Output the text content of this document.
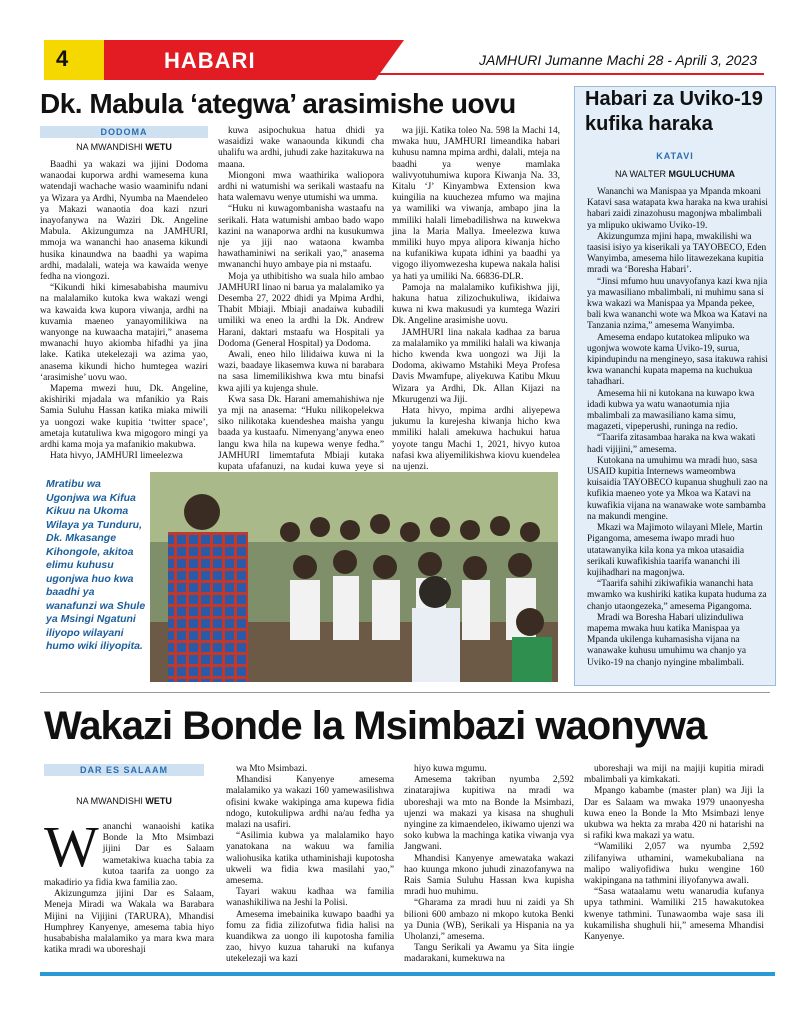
4	HABARI	JAMHURI Jumanne Machi 28 - Aprili 3, 2023
Dk. Mabula ‘ategwa’ arasimishe uovu
DODOMA
NA MWANDISHI WETU

Baadhi ya wakazi wa jijini Dodoma wanaodai kuporwa ardhi wamesema kuna watendaji wachache wasio waaminifu ndani ya Wizara ya Ardhi, Nyumba na Maendeleo ya Makazi wanaotia doa kazi nzuri inayofanywa na Waziri Dk. Angeline Mabula. Akizungumza na JAMHURI, mmoja wa wananchi hao anasema kikundi husika kinaundwa na baadhi ya wapima ardhi, madalali, wateja wa kawaida wenye fedha na viongozi.

“Kikundi hiki kimesababisha maumivu na malalamiko kutoka kwa wakazi wengi wa kawaida kwa kupora viwanja, ardhi na kuvamia maeneo yanayomilikiwa na wanyonge na kuwaacha matajiri,” anasema mwanachi huyo akiomba hifadhi ya jina lake. Katika utekelezaji wa azima yao, anasema kikundi hicho humtegea waziri ‘arasimishe’ uovu wao.

Mapema mwezi huu, Dk. Angeline, akishiriki mjadala wa mfanikio ya Rais Samia Suluhu Hassan katika miaka miwili ya uongozi wake kupitia ‘twitter space’, ametaja kutatuliwa kwa migogoro mingi ya ardhi kama moja ya mafanikio makubwa.

Hata hivyo, JAMHURI limeelezwa

kuwa asipochukua hatua dhidi ya wasaidizi wake wanaounda kikundi cha uhalifu wa ardhi, juhudi zake hazitakuwa na maana.

Miongoni mwa waathirika waliopora ardhi ni watumishi wa serikali wastaafu na hata walemavu wenye utumishi wa umma.

“Huku ni kuwagombanisha wastaafu na serikali. Hata watumishi ambao bado wapo kazini na wanaporwa ardhi na kusukumwa nje ya jiji nao wataona kwamba hawathaminiwi na serikali yao,” anasema mwananchi huyo ambaye pia ni mstaafu.

Moja ya uthibitisho wa suala hilo ambao JAMHURI linao ni barua ya malalamiko ya Desemba 27, 2022 dhidi ya Mpima Ardhi, Thabit Mbiaji. Mbiaji anadaiwa kubadili umiliki wa eneo la ardhi la Dk. Andrew Harani, daktari mstaafu wa Hospitali ya Dodoma (General Hospital) ya Dodoma.

Awali, eneo hilo lilidaiwa kuwa ni la wazi, baadaye likasemwa kuwa ni barabara na sasa limemilikishwa kwa mtu binafsi kwa ajili ya kujenga shule.

Kwa sasa Dk. Harani amemahishiwa nje ya mji na anasema: “Huku nilikopelekwa siko nilikotaka kuendeshea maisha yangu baada ya kustaafu. Nimenyang’anywa eneo langu kwa hila na kupewa wenye fedha.” JAMHURI limemtafuta Mbiaji kutaka kupata ufafanuzi, na kudai kuwa yeye si

wa jiji. Katika toleo Na. 598 la Machi 14, mwaka huu, JAMHURI limeandika habari kuhusu namna mpima ardhi, dalali, mteja na baadhi ya wenye mamlaka walivyotuhumiwa kupora Kiwanja Na. 33, Kitalu ‘J’ Kinyambwa Extension kwa kuingilia na kuuchezea mfumo wa majina ya wamiliki wa viwanja, ambapo jina la mmiliki halali limebadilishwa na kuwekwa jina la Maria Mallya. Imeelezwa kuwa mmiliki huyo mpya alipora kiwanja hicho na kufanikiwa kupata idhini ya baadhi ya vigogo iliyomwezesha kupewa nakala halisi ya hati ya umiliki Na. 66836-DLR.

Pamoja na malalamiko kufikishwa jiji, hakuna hatua zilizochukuliwa, ikidaiwa kuwa ni kwa makusudi ya kumtega Waziri Dk. Angeline arasimishe uovu.

JAMHURI lina nakala kadhaa za barua za malalamiko ya mmiliki halali wa kiwanja hicho kwenda kwa uongozi wa Jiji la Dodoma, akiwamo Mstahiki Meya Profesa Davis Mwamfupe, aliyekuwa Katibu Mkuu Wizara ya Ardhi, Dk. Allan Kijazi na Mkurugenzi wa Jiji.

Hata hivyo, mpima ardhi aliyepewa jukumu la kurejesha kiwanja hicho kwa mmiliki halali amekuwa hachukui hatua yoyote tangu Machi 1, 2021, hivyo kutoa nafasi kwa aliyemilikishwa kiovu kuendelea na ujenzi.

Mratibu wa Ugonjwa wa Kifua Kikuu na Ukoma Wilaya ya Tunduru, Dk. Mkasange Kihongole, akitoa elimu kuhusu ugonjwa huo kwa baadhi ya wanafunzi wa Shule ya Msingi Ngatuni iliyopo wilayani humo wiki iliyopita.
Habari za Uviko-19 kufika haraka
KATAVI
NA WALTER MGULUCHUMA

Wananchi wa Manispaa ya Mpanda mkoani Katavi sasa watapata kwa haraka na kwa urahisi habari zaidi zinazohusu magonjwa mbalimbali ya mlipuko ukiwamo Uviko-19.

Akizungumza mjini hapa, mwakilishi wa taasisi isiyo ya kiserikali ya TAYOBECO, Eden Wanyimba, amesema hilo litawezekana kupitia mradi wa ‘Boresha Habari’.

“Jinsi mfumo huu unavyofanya kazi kwa njia ya mawasiliano mbalimbali, ni muhimu sana si kwa wakazi wa Manispaa ya Mpanda pekee, bali kwa wananchi wote wa Mkoa wa Katavi na Tanzania nzima,” amesema Wanyimba.

Amesema endapo kutatokea mlipuko wa ugonjwa wowote kama Uviko-19, surua, kipindupindu na mengineyo, sasa itakuwa rahisi kwa wananchi kupata mapema na kuchukua tahadhari.

Amesema hii ni kutokana na kuwapo kwa idadi kubwa ya watu wanaotumia njia mbalimbali za mawasiliano kama simu, magazeti, vipeperushi, runinga na redio.

“Taarifa zitasambaa haraka na kwa wakati hadi vijijini,” amesema.

Kutokana na umuhimu wa mradi huo, sasa USAID kupitia Internews wameombwa kuisaidia TAYOBECO kupanua shughuli zao na kufikia maeneo yote ya Mkoa wa Katavi na kuwafikia vijana na wanawake wote sambamba na makundi mengine.

Mkazi wa Majimoto wilayani Mlele, Martin Pigangoma, amesema iwapo mradi huo utatawanyika kila kona ya mkoa utasaidia serikali kuwafikishia taarifa wananchi ili kujihadhari na magonjwa.

“Taarifa sahihi zikiwafikia wananchi hata mwamko wa kushiriki katika kupata huduma za chanjo utaongezeka,” amesema Pigangoma.

Mradi wa Boresha Habari ulizinduliwa mapema mwaka huu katika Manispaa ya Mpanda ukilenga kuhamasisha vijana na wanawake kuhusu umuhimu wa chanjo ya Uviko-19 na chanjo nyingine mbalimbali.

Wakazi Bonde la Msimbazi waonywa
DAR ES SALAAM
NA MWANDISHI WETU
Wananchi wanaoishi katika Bonde la Mto Msimbazi jijini Dar es Salaam wametakiwa kuacha tabia za kutoa taarifa za uongo za makadirio ya fidia kwa familia zao.

Akizungumza jijini Dar es Salaam, Meneja Miradi wa Wakala wa Barabara Mijini na Vijijini (TARURA), Mhandisi Humphrey Kanyenye, amesema tabia hiyo husababisha malalamiko ya mara kwa mara katika mradi wa uboreshaji

wa Mto Msimbazi.

Mhandisi Kanyenye amesema malalamiko ya wakazi 160 yamewasilishwa ofisini kwake wakipinga ama kupewa fidia ndogo, kutokulipwa ardhi na/au fedha ya malazi na usafiri.

“Asilimia kubwa ya malalamiko hayo yanatokana na wakuu wa familia waliohusika katika uthaminishaji kupotosha ukweli wa fidia kwa masilahi yao,” amesema.

Tayari wakuu kadhaa wa familia wanashikiliwa na Jeshi la Polisi.

Amesema imebainika kuwapo baadhi ya fomu za fidia zilizofutwa fidia halisi na kuandikwa za uongo ili kupotosha familia zao, hivyo kuzua taharuki na kufanya utekelezaji wa kazi

hiyo kuwa mgumu.

Amesema takriban nyumba 2,592 zinatarajiwa kupitiwa na mradi wa uboreshaji wa mto na Bonde la Msimbazi, ujenzi wa makazi ya kisasa na shughuli nyingine za kimaendeleo, ikiwamo ujenzi wa soko kubwa la machinga katika viwanja vya Jangwani.

Mhandisi Kanyenye amewataka wakazi hao kuunga mkono juhudi zinazofanywa na Rais Samia Suluhu Hassan kwa kupisha mradi huo muhimu.

“Gharama za mradi huu ni zaidi ya Sh bilioni 600 ambazo ni mkopo kutoka Benki ya Dunia (WB), Serikali ya Hispania na ya Uholanzi,” amesema.

Tangu Serikali ya Awamu ya Sita iingie madarakani, kumekuwa na

uboreshaji wa miji na majiji kupitia miradi mbalimbali ya kimkakati.

Mpango kabambe (master plan) wa Jiji la Dar es Salaam wa mwaka 1979 unaonyesha kuwa eneo la Bonde la Mto Msimbazi lenye ukubwa wa hekta za mraba 420 ni hatarishi na si rafiki kwa makazi ya watu.

“Wamiliki 2,057 wa nyumba 2,592 zilifanyiwa uthamini, wamekubaliana na malipo waliyofidiwa huku wengine 160 wakipingana na tathmini iliyofanywa awali.

“Sasa wataalamu wetu wanarudia kufanya upya tathmini. Wamiliki 215 hawakutokea kwenye tathmini. Tunawaomba waje sasa ili kukamilisha shughuli hii,” amesema Mhandisi Kanyenye.
